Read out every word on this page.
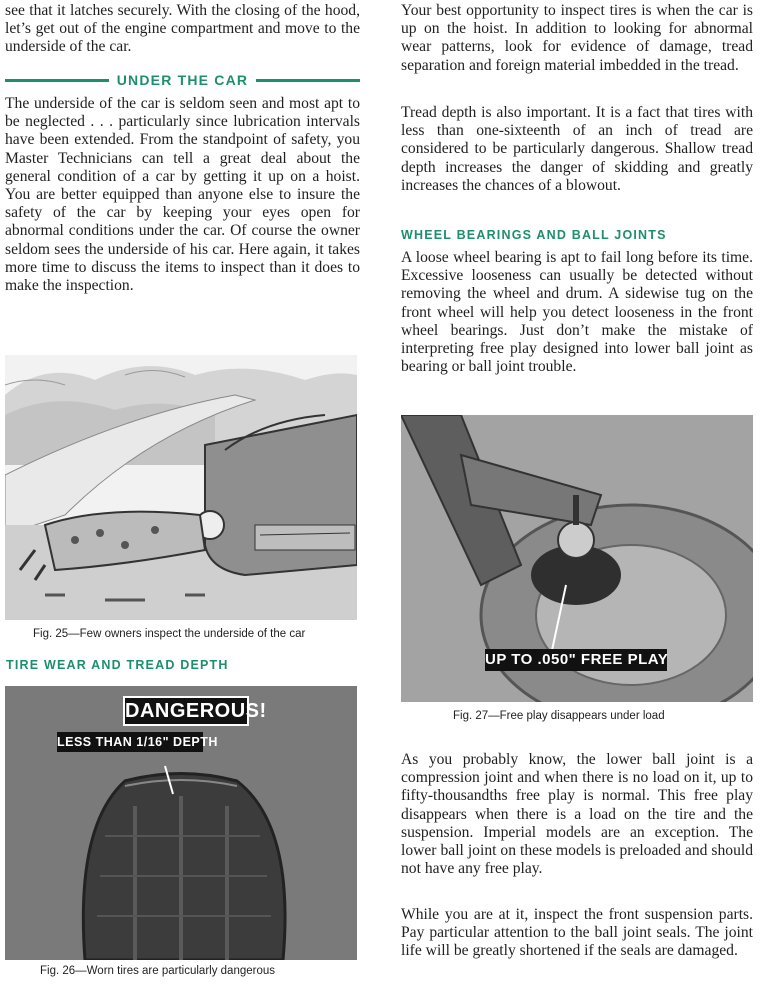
see that it latches securely. With the closing of the hood, let’s get out of the engine compartment and move to the underside of the car.

UNDER THE CAR

The underside of the car is seldom seen and most apt to be neglected . . . particularly since lubrication intervals have been extended. From the standpoint of safety, you Master Technicians can tell a great deal about the general condition of a car by getting it up on a hoist. You are better equipped than anyone else to insure the safety of the car by keeping your eyes open for abnormal conditions under the car. Of course the owner seldom sees the underside of his car. Here again, it takes more time to discuss the items to inspect than it does to make the inspection.

Fig. 25—Few owners inspect the underside of the car
TIRE WEAR AND TREAD DEPTH
DANGEROUS!
LESS THAN 1/16" DEPTH
Fig. 26—Worn tires are particularly dangerous

Your best opportunity to inspect tires is when the car is up on the hoist. In addition to looking for abnormal wear patterns, look for evidence of damage, tread separation and foreign material imbedded in the tread.

Tread depth is also important. It is a fact that tires with less than one-sixteenth of an inch of tread are considered to be particularly dangerous. Shallow tread depth increases the danger of skidding and greatly increases the chances of a blowout.

WHEEL BEARINGS AND BALL JOINTS

A loose wheel bearing is apt to fail long before its time. Excessive looseness can usually be detected without removing the wheel and drum. A sidewise tug on the front wheel will help you detect looseness in the front wheel bearings. Just don’t make the mistake of interpreting free play designed into lower ball joint as bearing or ball joint trouble.

UP TO .050" FREE PLAY
Fig. 27—Free play disappears under load

As you probably know, the lower ball joint is a compression joint and when there is no load on it, up to fifty-thousandths free play is normal. This free play disappears when there is a load on the tire and the suspension. Imperial models are an exception. The lower ball joint on these models is preloaded and should not have any free play.

While you are at it, inspect the front suspension parts. Pay particular attention to the ball joint seals. The joint life will be greatly shortened if the seals are damaged.
